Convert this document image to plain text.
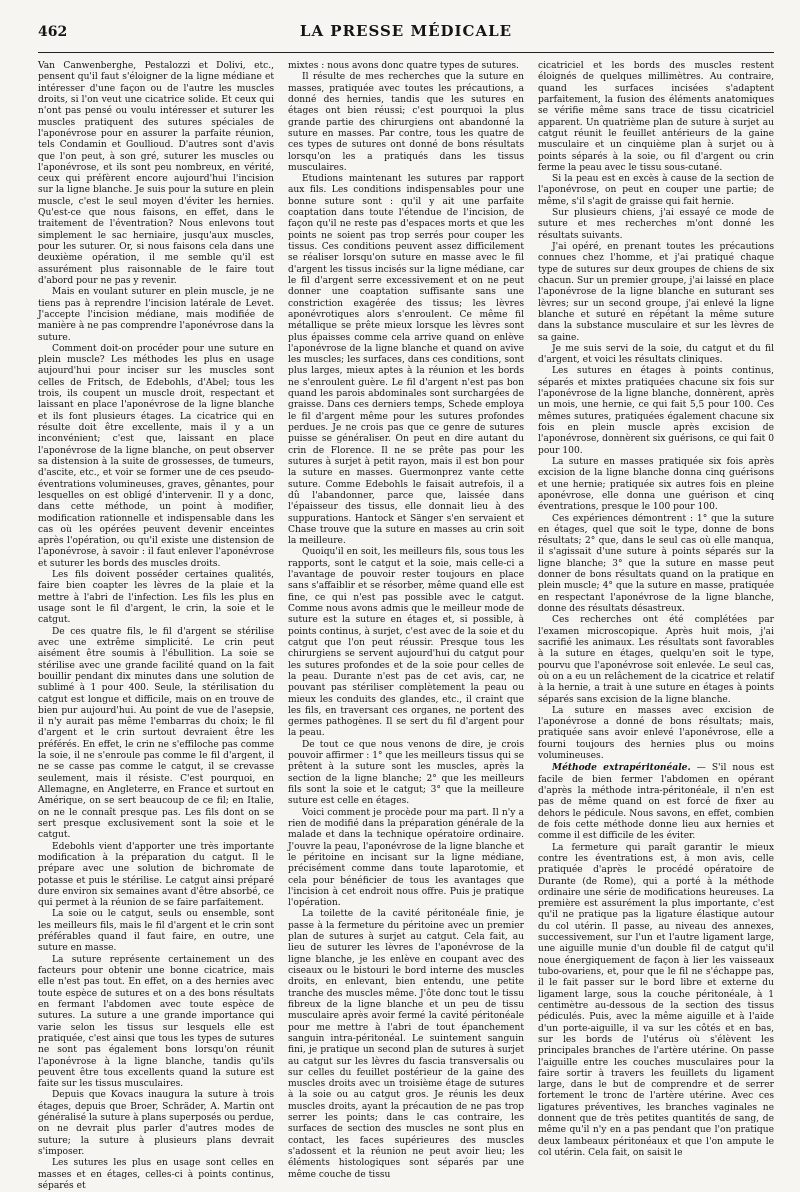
462	LA PRESSE MÉDICALE

Van Canwenberghe, Pestalozzi et Dolivi, etc., pensent qu'il faut s'éloigner de la ligne médiane et intéresser d'une façon ou de l'autre les muscles droits, si l'on veut une cicatrice solide. Et ceux qui n'ont pas pensé ou voulu intéresser et suturer les muscles pratiquent des sutures spéciales de l'aponévrose pour en assurer la parfaite réunion, tels Condamin et Goullioud. D'autres sont d'avis que l'on peut, à son gré, suturer les muscles ou l'aponévrose, et ils sont peu nombreux, en vérité, ceux qui préfèrent encore aujourd'hui l'incision sur la ligne blanche. Je suis pour la suture en plein muscle, c'est le seul moyen d'éviter les hernies. Qu'est-ce que nous faisons, en effet, dans le traitement de l'éventration? Nous enlevons tout simplement le sac herniaire, jusqu'aux muscles, pour les suturer. Or, si nous faisons cela dans une deuxième opération, il me semble qu'il est assurément plus raisonnable de le faire tout d'abord pour ne pas y revenir.

Mais en voulant suturer en plein muscle, je ne tiens pas à reprendre l'incision latérale de Levet. J'accepte l'incision médiane, mais modifiée de manière à ne pas comprendre l'aponévrose dans la suture.

Comment doit-on procéder pour une suture en plein muscle? Les méthodes les plus en usage aujourd'hui pour inciser sur les muscles sont celles de Fritsch, de Edebohls, d'Abel; tous les trois, ils coupent un muscle droit, respectant et laissant en place l'aponévrose de la ligne blanche et ils font plusieurs étages. La cicatrice qui en résulte doit être excellente, mais il y a un inconvénient; c'est que, laissant en place l'aponévrose de la ligne blanche, on peut observer sa distension à la suite de grossesses, de tumeurs, d'ascite, etc., et voir se former une de ces pseudo-éventrations volumineuses, graves, gênantes, pour lesquelles on est obligé d'intervenir. Il y a donc, dans cette méthode, un point à modifier, modification rationnelle et indispensable dans les cas où les opérées peuvent devenir enceintes après l'opération, ou qu'il existe une distension de l'aponévrose, à savoir : il faut enlever l'aponévrose et suturer les bords des muscles droits.

Les fils doivent posséder certaines qualités, faire bien coapter les lèvres de la plaie et la mettre à l'abri de l'infection. Les fils les plus en usage sont le fil d'argent, le crin, la soie et le catgut.

De ces quatre fils, le fil d'argent se stérilise avec une extrême simplicité. Le crin peut aisément être soumis à l'ébullition. La soie se stérilise avec une grande facilité quand on la fait bouillir pendant dix minutes dans une solution de sublimé à 1 pour 400. Seule, la stérilisation du catgut est longue et difficile, mais on en trouve de bien pur aujourd'hui. Au point de vue de l'asepsie, il n'y aurait pas même l'embarras du choix; le fil d'argent et le crin surtout devraient être les préférés. En effet, le crin ne s'effiloche pas comme la soie, il ne s'enroule pas comme le fil d'argent, il ne se casse pas comme le catgut, il se crevasse seulement, mais il résiste. C'est pourquoi, en Allemagne, en Angleterre, en France et surtout en Amérique, on se sert beaucoup de ce fil; en Italie, on ne le connaît presque pas. Les fils dont on se sert presque exclusivement sont la soie et le catgut.

Edebohls vient d'apporter une très importante modification à la préparation du catgut. Il le prépare avec une solution de bichromate de potasse et puis le stérilise. Le catgut ainsi préparé dure environ six semaines avant d'être absorbé, ce qui permet à la réunion de se faire parfaitement.

La soie ou le catgut, seuls ou ensemble, sont les meilleurs fils, mais le fil d'argent et le crin sont préférables quand il faut faire, en outre, une suture en masse.

La suture représente certainement un des facteurs pour obtenir une bonne cicatrice, mais elle n'est pas tout. En effet, on a des hernies avec toute espèce de sutures et on a des bons résultats en fermant l'abdomen avec toute espèce de sutures. La suture a une grande importance qui varie selon les tissus sur lesquels elle est pratiquée, c'est ainsi que tous les types de sutures ne sont pas également bons lorsqu'on réunit l'aponévrose à la ligne blanche, tandis qu'ils peuvent être tous excellents quand la suture est faite sur les tissus musculaires.

Depuis que Kovacs inaugura la suture à trois étages, depuis que Broer, Schräder, A. Martin ont généralisé la suture à plans superposés ou perdue, on ne devrait plus parler d'autres modes de suture; la suture à plusieurs plans devrait s'imposer.

Les sutures les plus en usage sont celles en masses et en étages, celles-ci à points continus, séparés et

mixtes : nous avons donc quatre types de sutures.

Il résulte de mes recherches que la suture en masses, pratiquée avec toutes les précautions, a donné des hernies, tandis que les sutures en étages ont bien réussi; c'est pourquoi la plus grande partie des chirurgiens ont abandonné la suture en masses. Par contre, tous les quatre de ces types de sutures ont donné de bons résultats lorsqu'on les a pratiqués dans les tissus musculaires.

Etudions maintenant les sutures par rapport aux fils. Les conditions indispensables pour une bonne suture sont : qu'il y ait une parfaite coaptation dans toute l'étendue de l'incision, de façon qu'il ne reste pas d'espaces morts et que les points ne soient pas trop serrés pour couper les tissus. Ces conditions peuvent assez difficilement se réaliser lorsqu'on suture en masse avec le fil d'argent les tissus incisés sur la ligne médiane, car le fil d'argent serre excessivement et on ne peut donner une coaptation suffisante sans une constriction exagérée des tissus; les lèvres aponévrotiques alors s'enroulent. Ce même fil métallique se prête mieux lorsque les lèvres sont plus épaisses comme cela arrive quand on enlève l'aponévrose de la ligne blanche et quand on avive les muscles; les surfaces, dans ces conditions, sont plus larges, mieux aptes à la réunion et les bords ne s'enroulent guère. Le fil d'argent n'est pas bon quand les parois abdominales sont surchargées de graisse. Dans ces derniers temps, Schede employa le fil d'argent même pour les sutures profondes perdues. Je ne crois pas que ce genre de sutures puisse se généraliser. On peut en dire autant du crin de Florence. Il ne se prête pas pour les sutures à surjet à petit rayon, mais il est bon pour la suture en masses. Guermonprez vante cette suture. Comme Edebohls le faisait autrefois, il a dû l'abandonner, parce que, laissée dans l'épaisseur des tissus, elle donnait lieu à des suppurations. Hantock et Sänger s'en servaient et Chase trouve que la suture en masses au crin soit la meilleure.

Quoiqu'il en soit, les meilleurs fils, sous tous les rapports, sont le catgut et la soie, mais celle-ci a l'avantage de pouvoir rester toujours en place sans s'affaiblir et se résorber, même quand elle est fine, ce qui n'est pas possible avec le catgut. Comme nous avons admis que le meilleur mode de suture est la suture en étages et, si possible, à points continus, à surjet, c'est avec de la soie et du catgut que l'on peut réussir. Presque tous les chirurgiens se servent aujourd'hui du catgut pour les sutures profondes et de la soie pour celles de la peau. Durante n'est pas de cet avis, car, ne pouvant pas stériliser complètement la peau ou mieux les conduits des glandes, etc., il craint que les fils, en traversant ces organes, ne portent des germes pathogènes. Il se sert du fil d'argent pour la peau.

De tout ce que nous venons de dire, je crois pouvoir affirmer : 1° que les meilleurs tissus qui se prêtent à la suture sont les muscles, après la section de la ligne blanche; 2° que les meilleurs fils sont la soie et le catgut; 3° que la meilleure suture est celle en étages.

Voici comment je procède pour ma part. Il n'y a rien de modifié dans la préparation générale de la malade et dans la technique opératoire ordinaire. J'ouvre la peau, l'aponévrose de la ligne blanche et le péritoine en incisant sur la ligne médiane, précisément comme dans toute laparotomie, et cela pour bénéficier de tous les avantages que l'incision à cet endroit nous offre. Puis je pratique l'opération.

La toilette de la cavité péritonéale finie, je passe à la fermeture du péritoine avec un premier plan de sutures à surjet au catgut. Cela fait, au lieu de suturer les lèvres de l'aponévrose de la ligne blanche, je les enlève en coupant avec des ciseaux ou le bistouri le bord interne des muscles droits, en enlevant, bien entendu, une petite tranche des muscles même. J'ôte donc tout le tissu fibreux de la ligne blanche et un peu de tissu musculaire après avoir fermé la cavité péritonéale pour me mettre à l'abri de tout épanchement sanguin intra-péritonéal. Le suintement sanguin fini, je pratique un second plan de sutures à surjet au catgut sur les lèvres du fascia transversalis ou sur celles du feuillet postérieur de la gaine des muscles droits avec un troisième étage de sutures à la soie ou au catgut gros. Je réunis les deux muscles droits, ayant la précaution de ne pas trop serrer les points; dans le cas contraire, les surfaces de section des muscles ne sont plus en contact, les faces supérieures des muscles s'adossent et la réunion ne peut avoir lieu; les éléments histologiques sont séparés par une même couche de tissu

cicatriciel et les bords des muscles restent éloignés de quelques millimètres. Au contraire, quand les surfaces incisées s'adaptent parfaitement, la fusion des éléments anatomiques se vérifie même sans trace de tissu cicatriciel apparent. Un quatrième plan de suture à surjet au catgut réunit le feuillet antérieurs de la gaine musculaire et un cinquième plan à surjet ou à points séparés à la soie, ou fil d'argent ou crin ferme la peau avec le tissu sous-cutané.

Si la peau est en excès à cause de la section de l'aponévrose, on peut en couper une partie; de même, s'il s'agit de graisse qui fait hernie.

Sur plusieurs chiens, j'ai essayé ce mode de suture et mes recherches m'ont donné les résultats suivants.

J'ai opéré, en prenant toutes les précautions connues chez l'homme, et j'ai pratiqué chaque type de sutures sur deux groupes de chiens de six chacun. Sur un premier groupe, j'ai laissé en place l'aponévrose de la ligne blanche en suturant ses lèvres; sur un second groupe, j'ai enlevé la ligne blanche et suturé en répétant la même suture dans la substance musculaire et sur les lèvres de sa gaine.

Je me suis servi de la soie, du catgut et du fil d'argent, et voici les résultats cliniques.

Les sutures en étages à points continus, séparés et mixtes pratiquées chacune six fois sur l'aponévrose de la ligne blanche, donnèrent, après un mois, une hernie, ce qui fait 5,5 pour 100. Ces mêmes sutures, pratiquées également chacune six fois en plein muscle après excision de l'aponévrose, donnèrent six guérisons, ce qui fait 0 pour 100.

La suture en masses pratiquée six fois après excision de la ligne blanche donna cinq guérisons et une hernie; pratiquée six autres fois en pleine aponévrose, elle donna une guérison et cinq éventrations, presque le 100 pour 100.

Ces expériences démontrent : 1° que la suture en étages, quel que soit le type, donne de bons résultats; 2° que, dans le seul cas où elle manqua, il s'agissait d'une suture à points séparés sur la ligne blanche; 3° que la suture en masse peut donner de bons résultats quand on la pratique en plein muscle; 4° que la suture en masse, pratiquée en respectant l'aponévrose de la ligne blanche, donne des résultats désastreux.

Ces recherches ont été complétées par l'examen microscopique. Après huit mois, j'ai sacrifié les animaux. Les résultats sont favorables à la suture en étages, quelqu'en soit le type, pourvu que l'aponévrose soit enlevée. Le seul cas, où on a eu un relâchement de la cicatrice et relatif à la hernie, a trait à une suture en étages à points séparés sans excision de la ligne blanche.

La suture en masses avec excision de l'aponévrose a donné de bons résultats; mais, pratiquée sans avoir enlevé l'aponévrose, elle a fourni toujours des hernies plus ou moins volumineuses.

Méthode extrapéritonéale. — S'il nous est facile de bien fermer l'abdomen en opérant d'après la méthode intra-péritonéale, il n'en est pas de même quand on est forcé de fixer au dehors le pédicule. Nous savons, en effet, combien de fois cette méthode donne lieu aux hernies et comme il est difficile de les éviter.

La fermeture qui paraît garantir le mieux contre les éventrations est, à mon avis, celle pratiquée d'après le procédé opératoire de Durante (de Rome), qui a porté à la méthode ordinaire une série de modifications heureuses. La première est assurément la plus importante, c'est qu'il ne pratique pas la ligature élastique autour du col utérin. Il passe, au niveau des annexes, successivement, sur l'un et l'autre ligament large, une aiguille munie d'un double fil de catgut qu'il noue énergiquement de façon à lier les vaisseaux tubo-ovariens, et, pour que le fil ne s'échappe pas, il le fait passer sur le bord libre et externe du ligament large, sous la couche péritonéale, à 1 centimètre au-dessous de la section des tissus pédiculés. Puis, avec la même aiguille et à l'aide d'un porte-aiguille, il va sur les côtés et en bas, sur les bords de l'utérus où s'élèvent les principales branches de l'artère utérine. On passe l'aiguille entre les couches musculaires pour la faire sortir à travers les feuillets du ligament large, dans le but de comprendre et de serrer fortement le tronc de l'artère utérine. Avec ces ligatures préventives, les branches vaginales ne donnent que de très petites quantités de sang, de même qu'il n'y en a pas pendant que l'on pratique deux lambeaux péritonéaux et que l'on ampute le col utérin. Cela fait, on saisit le
